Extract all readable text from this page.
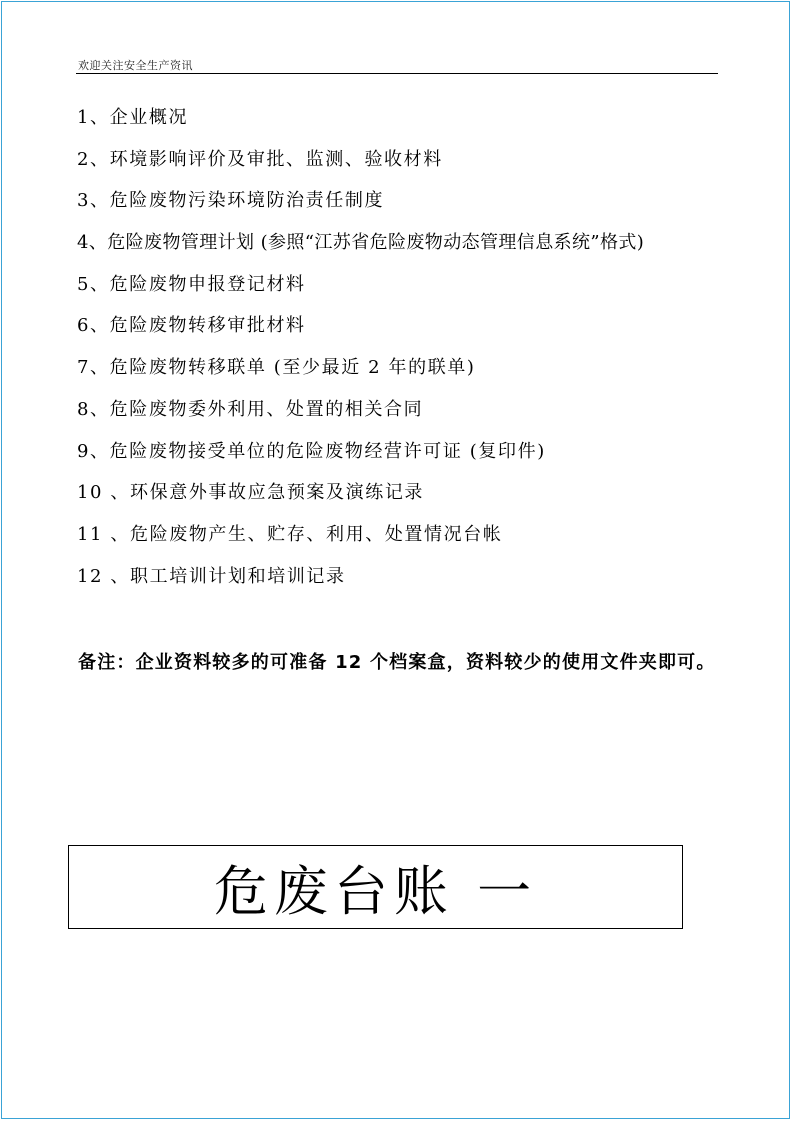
欢迎关注安全生产资讯
1、企业概况
2、环境影响评价及审批、监测、验收材料
3、危险废物污染环境防治责任制度
4、危险废物管理计划 (参照“江苏省危险废物动态管理信息系统”格式)
5、危险废物申报登记材料
6、危险废物转移审批材料
7、危险废物转移联单 (至少最近 2 年的联单)
8、危险废物委外利用、处置的相关合同
9、危险废物接受单位的危险废物经营许可证 (复印件)
10 、环保意外事故应急预案及演练记录
11 、危险废物产生、贮存、利用、处置情况台帐
12 、职工培训计划和培训记录
备注：企业资料较多的可准备 12 个档案盒，资料较少的使用文件夹即可。
危废台账 一
